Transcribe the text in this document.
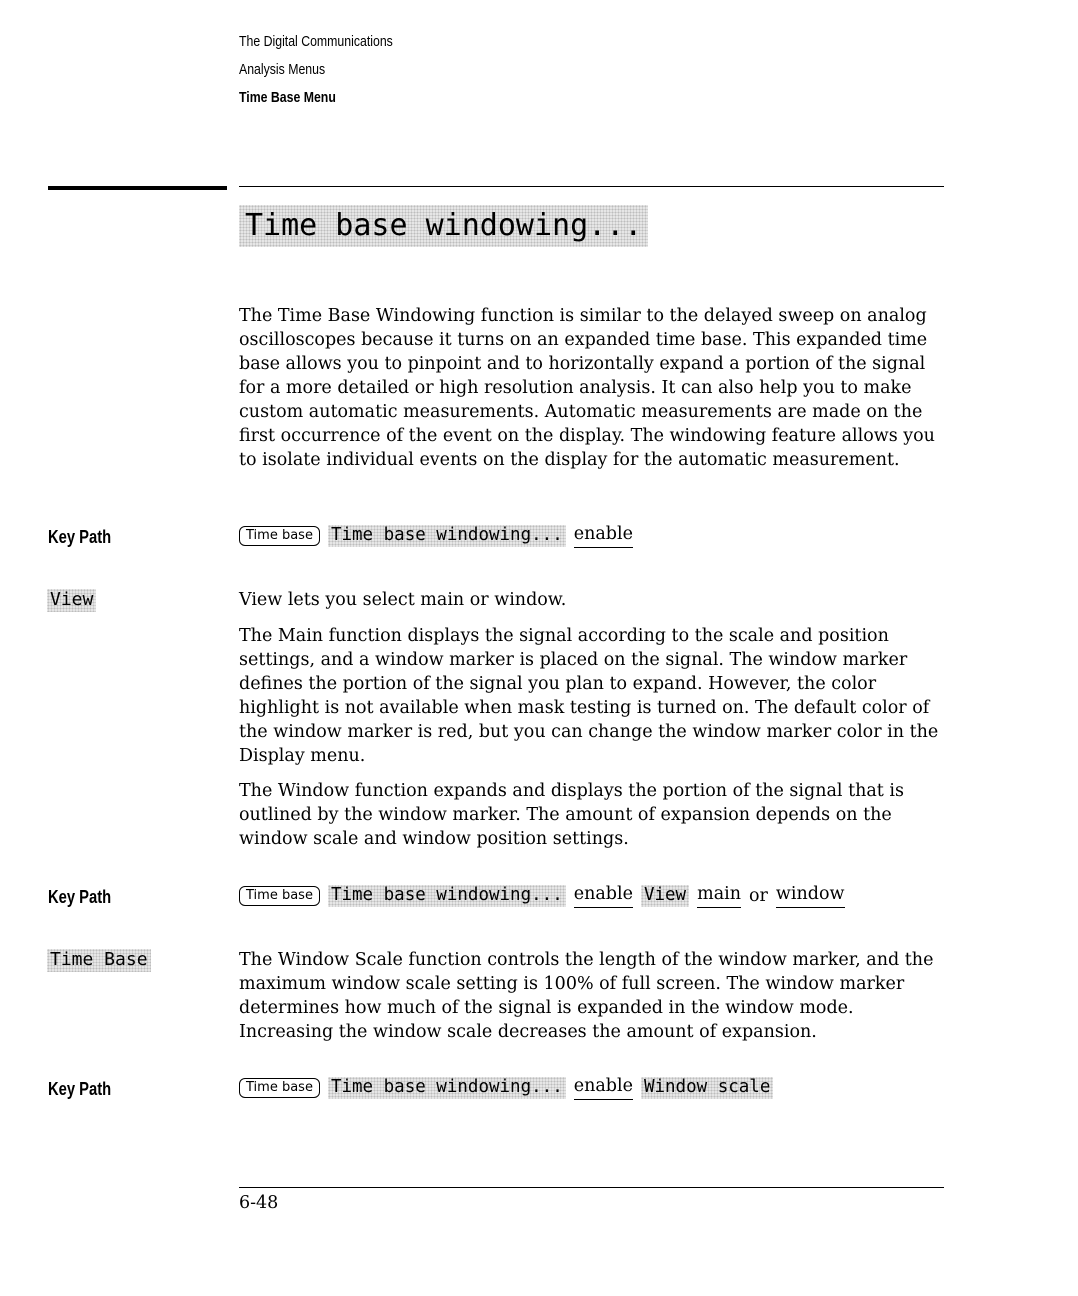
The Digital Communications
Analysis Menus
Time Base Menu
Time base windowing...

The Time Base Windowing function is similar to the delayed sweep on analog oscilloscopes because it turns on an expanded time base. This expanded time base allows you to pinpoint and to horizontally expand a portion of the signal for a more detailed or high resolution analysis. It can also help you to make custom automatic measurements. Automatic measurements are made on the first occurrence of the event on the display. The windowing feature allows you to isolate individual events on the display for the automatic measurement.

Key Path	Time base	Time base windowing... enable
View	View lets you select main or window.

The Main function displays the signal according to the scale and position settings, and a window marker is placed on the signal. The window marker defines the portion of the signal you plan to expand. However, the color highlight is not available when mask testing is turned on. The default color of the window marker is red, but you can change the window marker color in the Display menu.

The Window function expands and displays the portion of the signal that is outlined by the window marker. The amount of expansion depends on the window scale and window position settings.

Key Path	Time base	Time base windowing... enable View main or window
Time Base	The Window Scale function controls the length of the window marker, and the maximum window scale setting is 100% of full screen. The window marker determines how much of the signal is expanded in the window mode. Increasing the window scale decreases the amount of expansion.

Key Path	Time base	Time base windowing... enable Window scale
6-48
